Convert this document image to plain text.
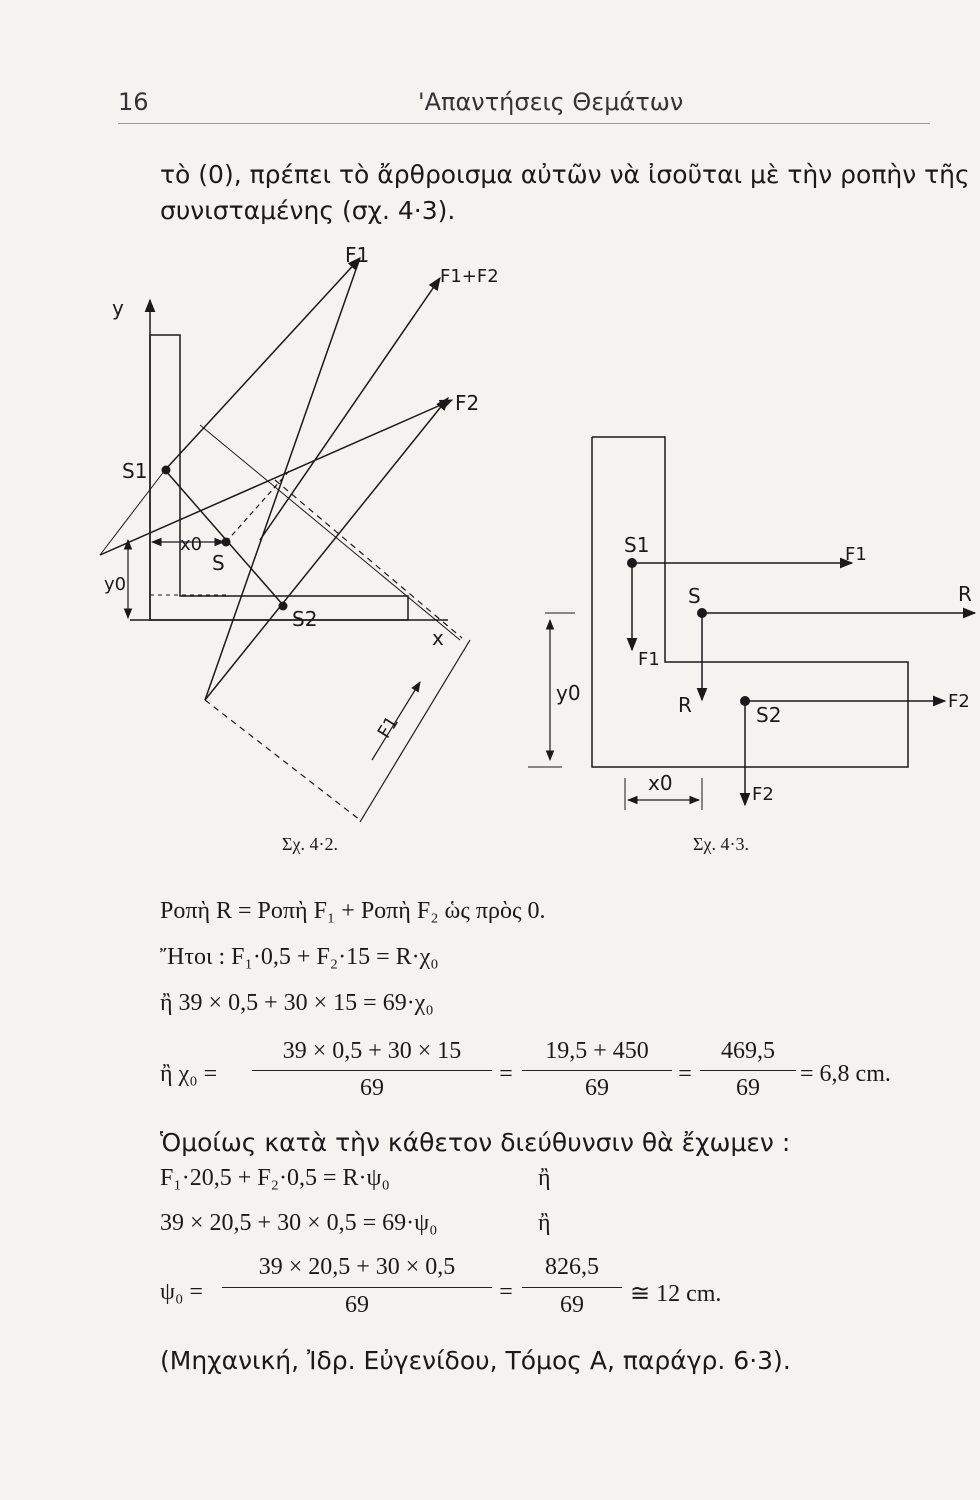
16	'Απαντήσεις Θεμάτων
τὸ (0), πρέπει τὸ ἄρθροισμα αὐτῶν νὰ ἰσοῦται μὲ τὴν ροπὴν τῆς
συνισταμένης (σχ. 4·3).
y
x
S1
S2
S
x0
y0
F1
F1+F2
F2
F1
Σχ. 4·2.
S1
S
S2
F1
F1
R
R	F2
F2
y0
x0
Σχ. 4·3.
Ροπὴ R = Ροπὴ F₁ + Ροπὴ F₂ ὡς πρὸς 0.
Ἤτοι : F₁·0,5 + F₂·15 = R·χ₀
ἢ 39 × 0,5 + 30 × 15 = 69·χ₀
ἢ χ₀ =
39 × 0,5 + 30 × 15
69
=
19,5 + 450
69
=
469,5
69
= 6,8 cm.
Ὁμοίως κατὰ τὴν κάθετον διεύθυνσιν θὰ ἔχωμεν :
F₁·20,5 + F₂·0,5 = R·ψ₀	ἢ
39 × 20,5 + 30 × 0,5 = 69·ψ₀	ἢ
ψ₀ =
39 × 20,5 + 30 × 0,5
69	=
826,5
69	≅ 12 cm.
(Μηχανική, Ἰδρ. Εὐγενίδου, Τόμος Α, παράγρ. 6·3).
